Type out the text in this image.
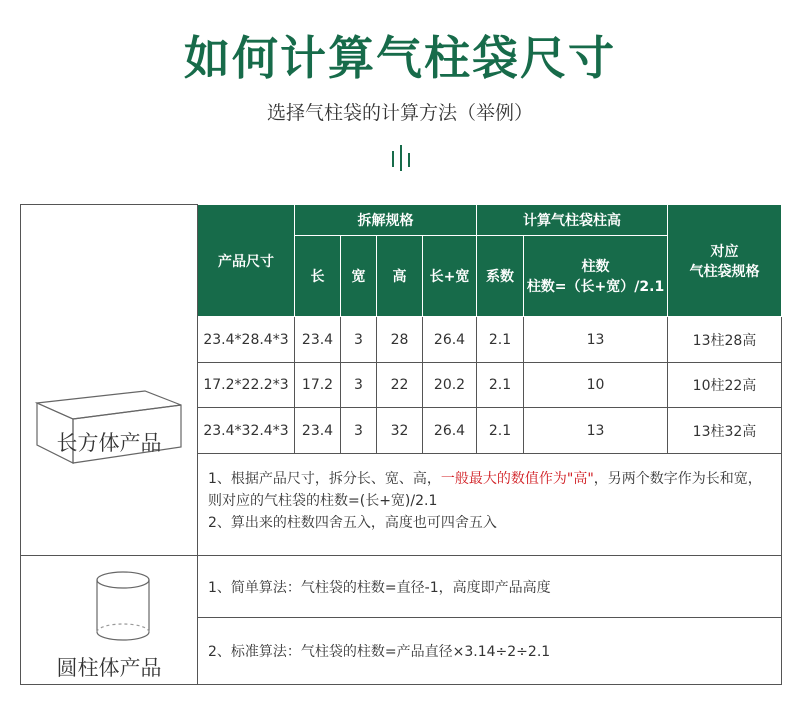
如何计算气柱袋尺寸
选择气柱袋的计算方法（举例）
长方体产品	产品尺寸	拆解规格				计算气柱袋柱高		对应
气柱袋规格

		长	宽	高	长+宽	系数	柱数
柱数=（长+宽）/2.1	

	23.4*28.4*3	23.4	3	28	26.4	2.1	13	13柱28高
	17.2*22.2*3	17.2	3	22	20.2	2.1	10	10柱22高
	23.4*32.4*3	23.4	3	32	26.4	2.1	13	13柱32高
	1、根据产品尺寸，拆分长、宽、高，一般最大的数值作为"高"，另两个数字作为长和宽，则对应的气柱袋的柱数=(长+宽)/2.1
2、算出来的柱数四舍五入，高度也可四舍五入							

圆柱体产品	1、简单算法：气柱袋的柱数=直径-1，高度即产品高度							
	2、标准算法：气柱袋的柱数=产品直径×3.14÷2÷2.1							
